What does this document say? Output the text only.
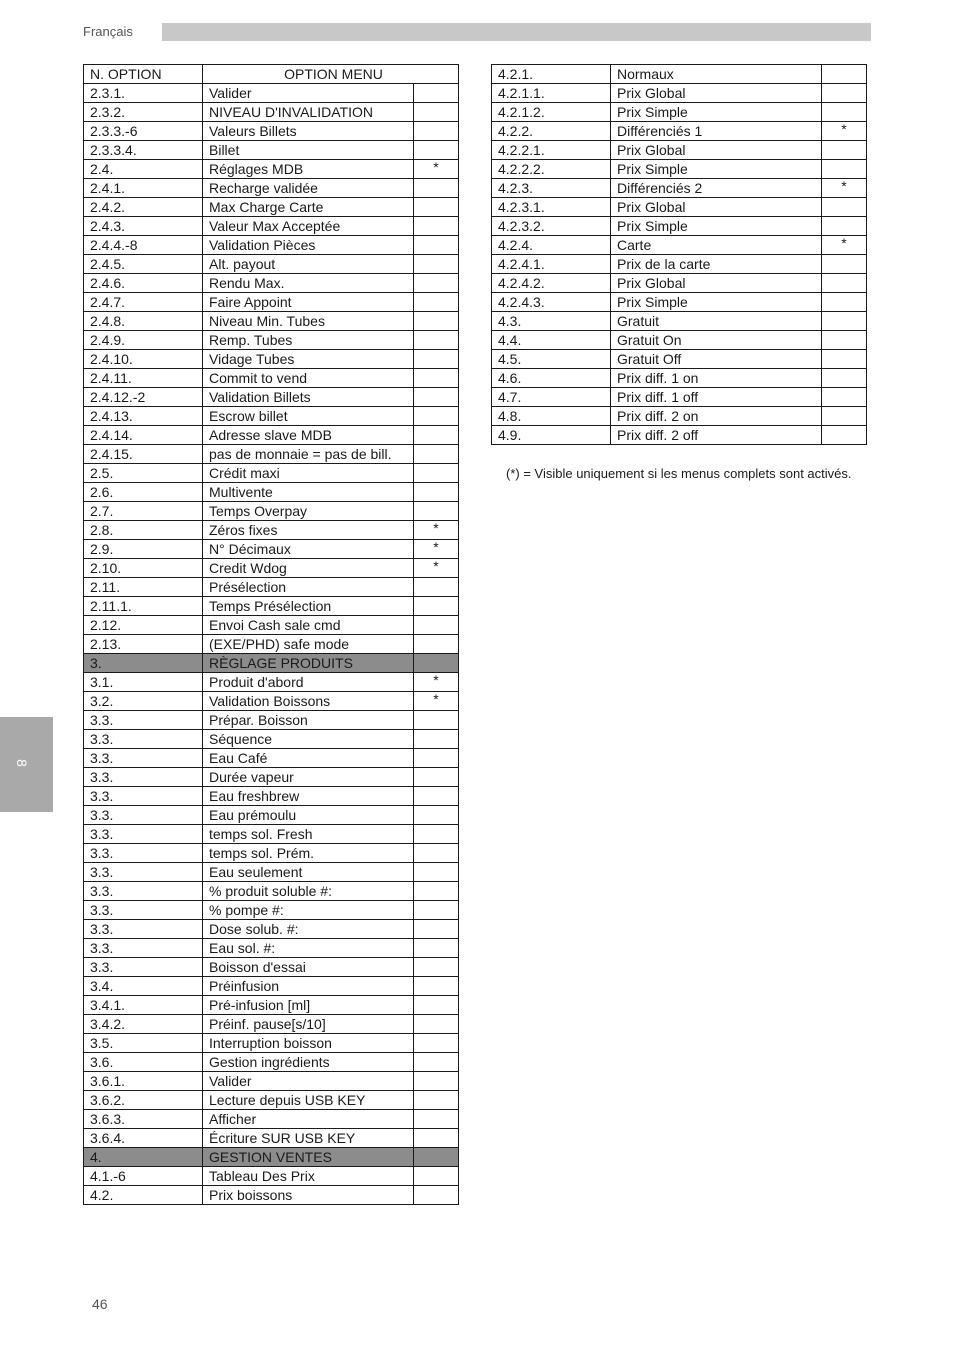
Français
8
N. OPTION	OPTION MENU	
2.3.1.	Valider	
2.3.2.	NIVEAU D'INVALIDATION	
2.3.3.-6	Valeurs Billets	
2.3.3.4.	Billet	
2.4.	Réglages MDB	*
2.4.1.	Recharge validée	
2.4.2.	Max Charge Carte	
2.4.3.	Valeur Max Acceptée	
2.4.4.-8	Validation Pièces	
2.4.5.	Alt. payout	
2.4.6.	Rendu Max.	
2.4.7.	Faire Appoint	
2.4.8.	Niveau Min. Tubes	
2.4.9.	Remp. Tubes	
2.4.10.	Vidage Tubes	
2.4.11.	Commit to vend	
2.4.12.-2	Validation Billets	
2.4.13.	Escrow billet	
2.4.14.	Adresse slave MDB	
2.4.15.	pas de monnaie = pas de bill.	
2.5.	Crédit maxi	
2.6.	Multivente	
2.7.	Temps Overpay	
2.8.	Zéros fixes	*
2.9.	N° Décimaux	*
2.10.	Credit Wdog	*
2.11.	Présélection	
2.11.1.	Temps Présélection	
2.12.	Envoi Cash sale cmd	
2.13.	(EXE/PHD) safe mode	
3.	RÈGLAGE PRODUITS	
3.1.	Produit d'abord	*
3.2.	Validation Boissons	*
3.3.	Prépar. Boisson	
3.3.	Séquence	
3.3.	Eau Café	
3.3.	Durée vapeur	
3.3.	Eau freshbrew	
3.3.	Eau prémoulu	
3.3.	temps sol. Fresh	
3.3.	temps sol. Prém.	
3.3.	Eau seulement	
3.3.	% produit soluble #:	
3.3.	% pompe #:	
3.3.	Dose solub. #:	
3.3.	Eau sol. #:	
3.3.	Boisson d'essai	
3.4.	Préinfusion	
3.4.1.	Pré-infusion [ml]	
3.4.2.	Préinf. pause[s/10]	
3.5.	Interruption boisson	
3.6.	Gestion ingrédients	
3.6.1.	Valider	
3.6.2.	Lecture depuis USB KEY	
3.6.3.	Afficher	
3.6.4.	Écriture SUR USB KEY	
4.	GESTION VENTES	
4.1.-6	Tableau Des Prix	
4.2.	Prix boissons	
4.2.1.	Normaux	
4.2.1.1.	Prix Global	
4.2.1.2.	Prix Simple	
4.2.2.	Différenciés 1	*
4.2.2.1.	Prix Global	
4.2.2.2.	Prix Simple	
4.2.3.	Différenciés 2	*
4.2.3.1.	Prix Global	
4.2.3.2.	Prix Simple	
4.2.4.	Carte	*
4.2.4.1.	Prix de la carte	
4.2.4.2.	Prix Global	
4.2.4.3.	Prix Simple	
4.3.	Gratuit	
4.4.	Gratuit On	
4.5.	Gratuit Off	
4.6.	Prix diff. 1 on	
4.7.	Prix diff. 1 off	
4.8.	Prix diff. 2 on	
4.9.	Prix diff. 2 off	
(*) = Visible uniquement si les menus complets sont activés.
46
